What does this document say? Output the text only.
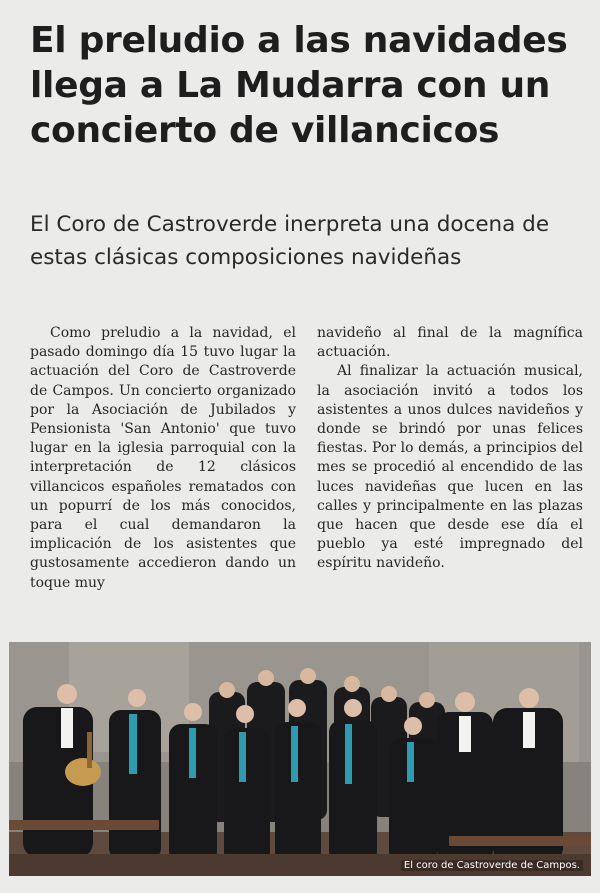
El preludio a las navidades llega a La Mudarra con un concierto de villancicos
El Coro de Castroverde inerpreta una docena de estas clásicas composiciones navideñas

Como preludio a la navidad, el pasado domingo día 15 tuvo lugar la actuación del Coro de Castroverde de Campos. Un concierto organizado por la Asociación de Jubilados y Pensionista 'San Antonio' que tuvo lugar en la iglesia parroquial con la interpretación de 12 clásicos villancicos españoles rematados con un popurrí de los más conocidos, para el cual demandaron la implicación de los asistentes que gustosamente accedieron dando un toque muy

navideño al final de la magnífica actuación.

Al finalizar la actuación musical, la asociación invitó a todos los asistentes a unos dulces navideños y donde se brindó por unas felices fiestas. Por lo demás, a principios del mes se procedió al encendido de las luces navideñas que lucen en las calles y principalmente en las plazas que hacen que desde ese día el pueblo ya esté impregnado del espíritu navideño.

El coro de Castroverde de Campos.
